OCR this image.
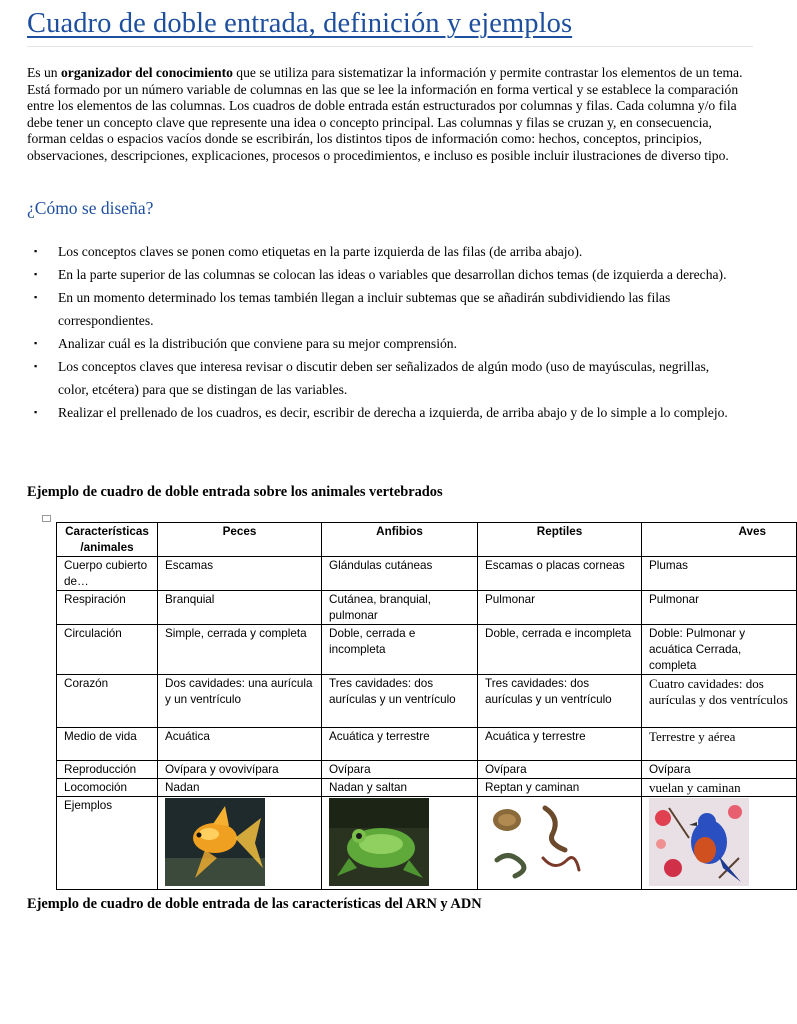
Cuadro de doble entrada, definición y ejemplos

Es un organizador del conocimiento que se utiliza para sistematizar la información y permite contrastar los elementos de un tema. Está formado por un número variable de columnas en las que se lee la información en forma vertical y se establece la comparación entre los elementos de las columnas. Los cuadros de doble entrada están estructurados por columnas y filas. Cada columna y/o fila debe tener un concepto clave que represente una idea o concepto principal. Las columnas y filas se cruzan y, en consecuencia, forman celdas o espacios vacíos donde se escribirán, los distintos tipos de información como: hechos, conceptos, principios, observaciones, descripciones, explicaciones, procesos o procedimientos, e incluso es posible incluir ilustraciones de diverso tipo.

¿Cómo se diseña?
▪ Los conceptos claves se ponen como etiquetas en la parte izquierda de las filas (de arriba abajo).
▪ En la parte superior de las columnas se colocan las ideas o variables que desarrollan dichos temas (de izquierda a derecha).
▪ En un momento determinado los temas también llegan a incluir subtemas que se añadirán subdividiendo las filas correspondientes.
▪ Analizar cuál es la distribución que conviene para su mejor comprensión.
▪ Los conceptos claves que interesa revisar o discutir deben ser señalizados de algún modo (uso de mayúsculas, negrillas, color, etcétera) para que se distingan de las variables.
▪ Realizar el prellenado de los cuadros, es decir, escribir de derecha a izquierda, de arriba abajo y de lo simple a lo complejo.

Ejemplo de cuadro de doble entrada sobre los animales vertebrados

Características /animales	Peces	Anfibios	Reptiles	Aves
Cuerpo cubierto de…	Escamas	Glándulas cutáneas	Escamas o placas corneas	Plumas
Respiración	Branquial	Cutánea, branquial, pulmonar	Pulmonar	Pulmonar
Circulación	Simple, cerrada y completa	Doble, cerrada e incompleta	Doble, cerrada e incompleta	Doble: Pulmonar y acuática Cerrada, completa
Corazón	Dos cavidades: una aurícula y un ventrículo	Tres cavidades: dos aurículas y un ventrículo	Tres cavidades: dos aurículas y un ventrículo	Cuatro cavidades: dos aurículas y dos ventrículos
Medio de vida	Acuática	Acuática y terrestre	Acuática y terrestre	Terrestre y aérea
Reproducción	Ovípara y ovovivípara	Ovípara	Ovípara	Ovípara
Locomoción	Nadan	Nadan y saltan	Reptan y caminan	vuelan y caminan
Ejemplos	

Ejemplo de cuadro de doble entrada de las características del ARN y ADN
